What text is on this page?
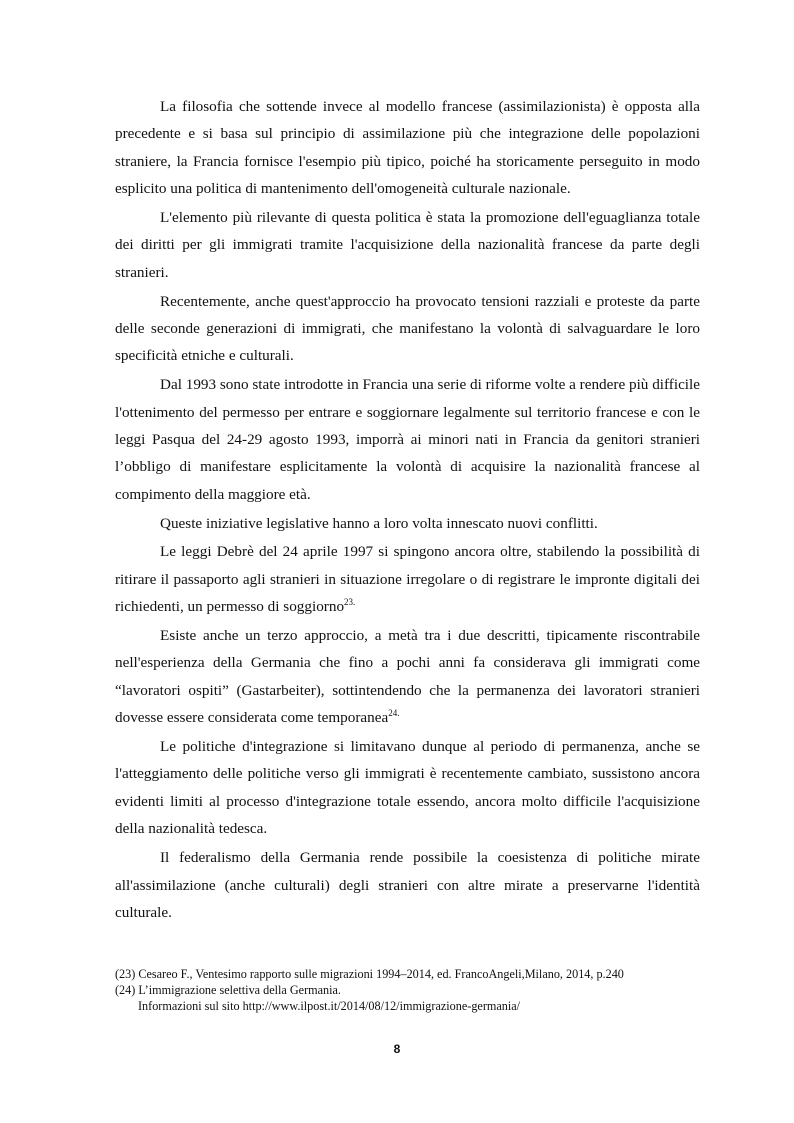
La filosofia che sottende invece al modello francese (assimilazionista) è opposta alla precedente e si basa sul principio di assimilazione più che integrazione delle popolazioni straniere, la Francia fornisce l'esempio più tipico, poiché ha storicamente perseguito in modo esplicito una politica di mantenimento dell'omogeneità culturale nazionale.

L'elemento più rilevante di questa politica è stata la promozione dell'eguaglianza totale dei diritti per gli immigrati tramite l'acquisizione della nazionalità francese da parte degli stranieri.

Recentemente, anche quest'approccio ha provocato tensioni razziali e proteste da parte delle seconde generazioni di immigrati, che manifestano la volontà di salvaguardare le loro specificità etniche e culturali.

Dal 1993 sono state introdotte in Francia una serie di riforme volte a rendere più difficile l'ottenimento del permesso per entrare e soggiornare legalmente sul territorio francese e con le leggi Pasqua del 24-29 agosto 1993, imporrà ai minori nati in Francia da genitori stranieri l’obbligo di manifestare esplicitamente la volontà di acquisire la nazionalità francese al compimento della maggiore età.

Queste iniziative legislative hanno a loro volta innescato nuovi conflitti.

Le leggi Debrè del 24 aprile 1997 si spingono ancora oltre, stabilendo la possibilità di ritirare il passaporto agli stranieri in situazione irregolare o di registrare le impronte digitali dei richiedenti, un permesso di soggiorno$^{23.}$

Esiste anche un terzo approccio, a metà tra i due descritti, tipicamente riscontrabile nell'esperienza della Germania che fino a pochi anni fa considerava gli immigrati come “lavoratori ospiti” (Gastarbeiter), sottintendendo che la permanenza dei lavoratori stranieri dovesse essere considerata come temporanea$^{24.}$

Le politiche d'integrazione si limitavano dunque al periodo di permanenza, anche se l'atteggiamento delle politiche verso gli immigrati è recentemente cambiato, sussistono ancora evidenti limiti al processo d'integrazione totale essendo, ancora molto difficile l'acquisizione della nazionalità tedesca.

Il federalismo della Germania rende possibile la coesistenza di politiche mirate all'assimilazione (anche culturali) degli stranieri con altre mirate a preservarne l'identità culturale.

(23) Cesareo F., Ventesimo rapporto sulle migrazioni 1994–2014, ed. FrancoAngeli,Milano, 2014, p.240
(24) L’immigrazione selettiva della Germania.
Informazioni sul sito http://www.ilpost.it/2014/08/12/immigrazione-germania/
8
